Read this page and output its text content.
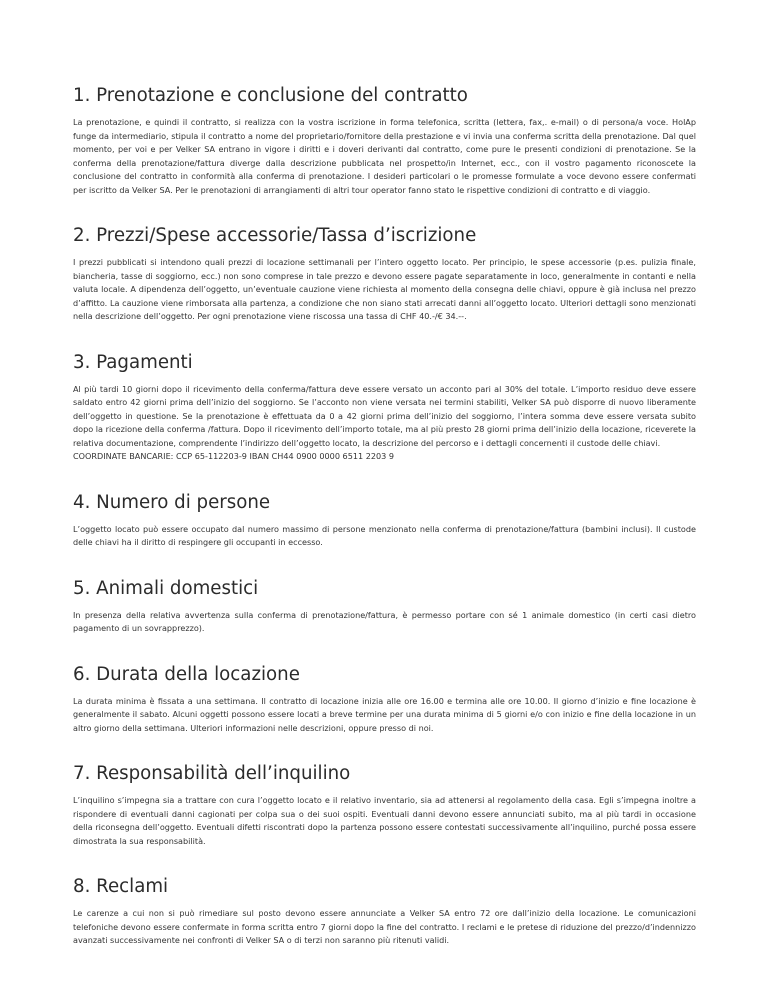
1. Prenotazione e conclusione del contratto

La prenotazione, e quindi il contratto, si realizza con la vostra iscrizione in forma telefonica, scritta (lettera, fax,. e-mail) o di persona/a voce. HolAp funge da intermediario, stipula il contratto a nome del proprietario/fornitore della prestazione e vi invia una conferma scritta della prenotazione. Dal quel momento, per voi e per Velker SA entrano in vigore i diritti e i doveri derivanti dal contratto, come pure le presenti condizioni di prenotazione. Se la conferma della prenotazione/fattura diverge dalla descrizione pubblicata nel prospetto/in Internet, ecc., con il vostro pagamento riconoscete la conclusione del contratto in conformità alla conferma di prenotazione. I desideri particolari o le promesse formulate a voce devono essere confermati per iscritto da Velker SA. Per le prenotazioni di arrangiamenti di altri tour operator fanno stato le rispettive condizioni di contratto e di viaggio.

2. Prezzi/Spese accessorie/Tassa d’iscrizione

I prezzi pubblicati si intendono quali prezzi di locazione settimanali per l’intero oggetto locato. Per principio, le spese accessorie (p.es. pulizia finale, biancheria, tasse di soggiorno, ecc.) non sono comprese in tale prezzo e devono essere pagate separatamente in loco, generalmente in contanti e nella valuta locale. A dipendenza dell’oggetto, un’eventuale cauzione viene richiesta al momento della consegna delle chiavi, oppure è già inclusa nel prezzo d’affitto. La cauzione viene rimborsata alla partenza, a condizione che non siano stati arrecati danni all’oggetto locato. Ulteriori dettagli sono menzionati nella descrizione dell’oggetto. Per ogni prenotazione viene riscossa una tassa di CHF 40.-/€ 34.--.

3. Pagamenti

Al più tardi 10 giorni dopo il ricevimento della conferma/fattura deve essere versato un acconto pari al 30% del totale. L’importo residuo deve essere saldato entro 42 giorni prima dell’inizio del soggiorno. Se l’acconto non viene versata nei termini stabiliti, Velker SA può disporre di nuovo liberamente dell’oggetto in questione. Se la prenotazione è effettuata da 0 a 42 giorni prima dell’inizio del soggiorno, l’intera somma deve essere versata subito dopo la ricezione della conferma /fattura. Dopo il ricevimento dell’importo totale, ma al più presto 28 giorni prima dell’inizio della locazione, riceverete la relativa documentazione, comprendente l’indirizzo dell’oggetto locato, la descrizione del percorso e i dettagli concernenti il custode delle chiavi.
COORDINATE BANCARIE: CCP 65-112203-9 IBAN CH44 0900 0000 6511 2203 9

4. Numero di persone

L’oggetto locato può essere occupato dal numero massimo di persone menzionato nella conferma di prenotazione/fattura (bambini inclusi). Il custode delle chiavi ha il diritto di respingere gli occupanti in eccesso.

5. Animali domestici

In presenza della relativa avvertenza sulla conferma di prenotazione/fattura, è permesso portare con sé 1 animale domestico (in certi casi dietro pagamento di un sovrapprezzo).

6. Durata della locazione

La durata minima è fissata a una settimana. Il contratto di locazione inizia alle ore 16.00 e termina alle ore 10.00. Il giorno d’inizio e fine locazione è generalmente il sabato. Alcuni oggetti possono essere locati a breve termine per una durata minima di 5 giorni e/o con inizio e fine della locazione in un altro giorno della settimana. Ulteriori informazioni nelle descrizioni, oppure presso di noi.

7. Responsabilità dell’inquilino

L’inquilino s’impegna sia a trattare con cura l’oggetto locato e il relativo inventario, sia ad attenersi al regolamento della casa. Egli s’impegna inoltre a rispondere di eventuali danni cagionati per colpa sua o dei suoi ospiti. Eventuali danni devono essere annunciati subito, ma al più tardi in occasione della riconsegna dell’oggetto. Eventuali difetti riscontrati dopo la partenza possono essere contestati successivamente all’inquilino, purché possa essere dimostrata la sua responsabilità.

8. Reclami

Le carenze a cui non si può rimediare sul posto devono essere annunciate a Velker SA entro 72 ore dall’inizio della locazione. Le comunicazioni telefoniche devono essere confermate in forma scritta entro 7 giorni dopo la fine del contratto. I reclami e le pretese di riduzione del prezzo/d’indennizzo avanzati successivamente nei confronti di Velker SA o di terzi non saranno più ritenuti validi.
